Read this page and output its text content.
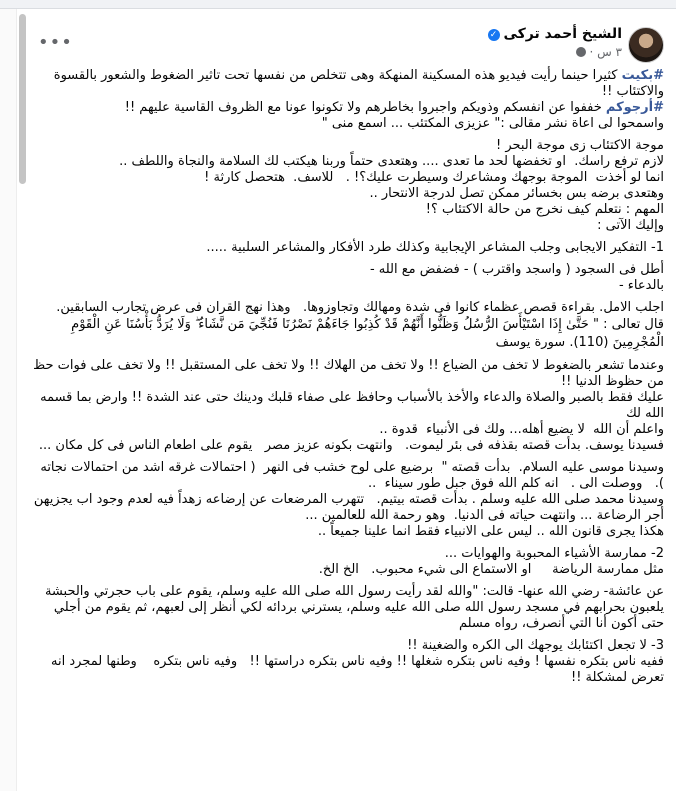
الشيخ أحمد تركى✓
٣ س ·
•••

#بكيت كثيرا حينما رأيت فيديو هذه المسكينة المنهكة وهى تتخلص من نفسها تحت تاثير الضغوط والشعور بالقسوة والاكتئاب !!

#أرجوكم خففوا عن انفسكم وذويكم واجبروا بخاطرهم ولا تكونوا عونا مع الظروف القاسية عليهم !!

واسمحوا لى اعاة نشر مقالى :" عزيزى المكتئب ... اسمع منى "

موجة الاكتئاب زى موجة البحر !

لازم ترفع راسك.  او تخفضها لحد ما تعدى .... وهتعدى حتماً وربنا هيكتب لك السلامة والنجاة واللطف ..

انما لو أخذت  الموجة بوجهك ومشاعرك وسيطرت عليك؟! .   للاسف.  هتحصل كارثة !

وهتعدى برضه بس بخسائر ممكن تصل لدرجة الانتحار ..

المهم : نتعلم كيف نخرج من حالة الاكتئاب ؟!

وإليك الآتى :

1- التفكير الايجابى وجلب المشاعر الإيجابية وكذلك طرد الأفكار والمشاعر السلبية .....

أطل فى السجود ( واسجد واقترب ) - فضفض مع الله -

بالدعاء -

اجلب الامل. بقراءة قصص عظماء كانوا فى شدة ومهالك وتجاوزوها.   وهذا نهج القران فى عرض تجارب السابقين.

قال تعالى : " حَتَّىٰ إِذَا اسْتَيْأَسَ الرُّسُلُ وَظَنُّوا أَنَّهُمْ قَدْ كُذِبُوا جَاءَهُمْ نَصْرُنَا فَنُجِّيَ مَن نَّشَاءُ ۖ وَلَا يُرَدُّ بَأْسُنَا عَنِ الْقَوْمِ الْمُجْرِمِينَ (110). سورة يوسف

وعندما تشعر بالضغوط لا تخف من الضياع !! ولا تخف من الهلاك !! ولا تخف على المستقبل !! ولا تخف على فوات حظ من حظوظ الدنيا !!

عليك فقط بالصبر والصلاة والدعاء والأخذ بالأسباب وحافظ على صفاء قلبك ودينك حتى عند الشدة !! وارض بما قسمه الله لك

واعلم أن الله  لا يضيع أهله... ولك فى الأنبياء  قدوة ..

فسيدنا يوسف. بدأت قصته بقذفه فى بئر ليموت.   وانتهت بكونه عزيز مصر   يقوم على اطعام الناس فى كل مكان ...

وسيدنا موسى عليه السلام.  بدأت قصته "  برضيع على لوح خشب فى النهر  ( احتمالات غرقه اشد من احتمالات نجاته ).   ووصلت الى .   انه كلم الله فوق جبل طور سيناء  ..

وسيدنا محمد صلى الله عليه وسلم . بدأت قصته بيتيم.   تتهرب المرضعات عن إرضاعه زهداً فيه لعدم وجود اب يجزيهن أجر الرضاعة ... وانتهت حياته فى الدنيا.  وهو رحمة الله للعالمين ...

هكذا يجرى قانون الله .. ليس على الانبياء فقط انما علينا جميعاً ..

2- ممارسة الأشياء المحبوبة والهوايات ...

مثل ممارسة الرياضة     او الاستماع الى شيء محبوب.   الخ الخ.

عن عائشة- رضي الله عنها- قالت: "والله لقد رأيت رسول الله صلى الله عليه وسلم، يقوم على باب حجرتي والحبشة يلعبون بحرابهم في مسجد رسول الله صلى الله عليه وسلم، يسترني بردائه لكي أنظر إلى لعبهم، ثم يقوم من أجلي حتى أكون أنا التي أنصرف، رواه مسلم

3- لا تجعل اكتئابك يوجهك الى الكره والضغينة !!

ففيه ناس بتكره نفسها ! وفيه ناس بتكره شغلها !! وفيه ناس بتكره دراستها !!   وفيه ناس بتكره    وطنها لمجرد انه تعرض لمشكلة !!
